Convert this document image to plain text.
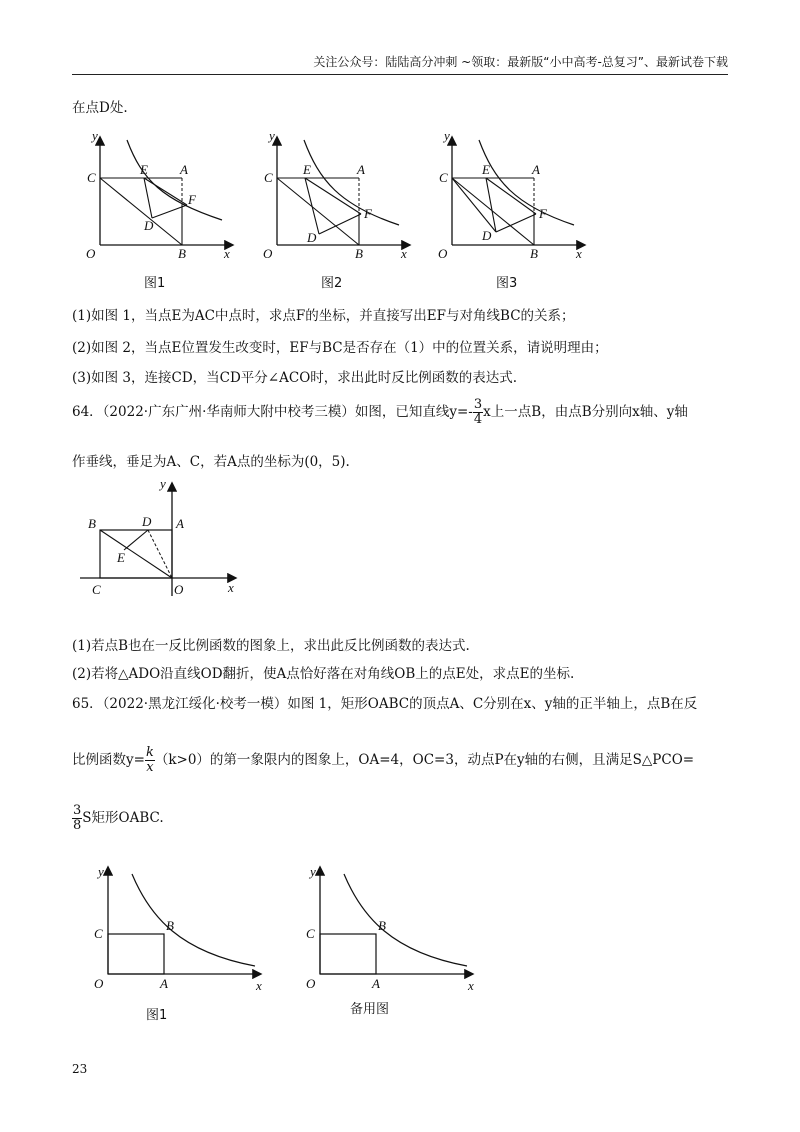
关注公众号：陆陆高分冲刺 ~领取：最新版“小中高考-总复习”、最新试卷下载
在点D处.
y
C
O
E A
F
D
B	x
y
C
O
E	A
F
D
B	x
y
C
O
E	A
F
D
B	x
图1	图2	图3
(1)如图 1，当点E为AC中点时，求点F的坐标，并直接写出EF与对角线BC的关系；
(2)如图 2，当点E位置发生改变时，EF与BC是否存在（1）中的位置关系，请说明理由；
(3)如图 3，连接CD，当CD平分∠ACO时，求出此时反比例函数的表达式.
64．（2022·广东广州·华南师大附中校考三模）如图，已知直线$y=- \frac{3}{4}$ x上一点B，由点B分别向x轴、y轴
作垂线，垂足为A、C，若A点的坐标为(0，5).
y
B	D A
E
C	O	x
(1)若点B也在一反比例函数的图象上，求出此反比例函数的表达式.
(2)若将△ADO沿直线OD翻折，使A点恰好落在对角线OB上的点E处，求点E的坐标.
65．（2022·黑龙江绥化·校考一模）如图 1，矩形OABC的顶点A、C分别在x、y轴的正半轴上，点B在反
比例函数$y= \frac{k}{x} (k>0)$的第一象限内的图象上，OA=4，OC=3，动点P在y轴的右侧，且满足S△PCO=
$\frac{3}{8}$ S矩形OABC.
y
C
B
O	A	x
y
C
B
O	A	x
图1	备用图
23
